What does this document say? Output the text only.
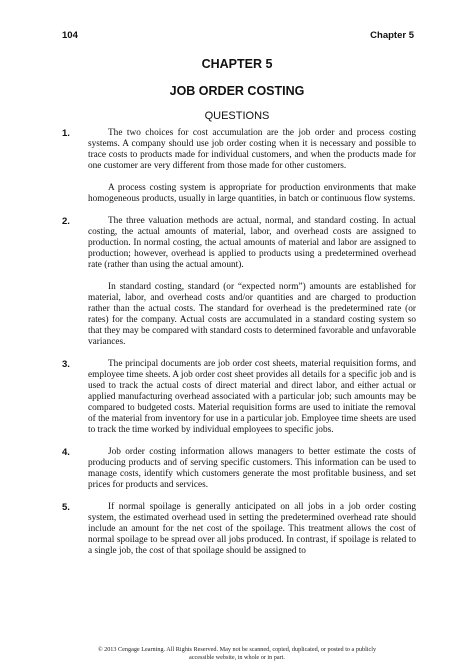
104	Chapter 5
CHAPTER 5
JOB ORDER COSTING
QUESTIONS
1.	The two choices for cost accumulation are the job order and process costing systems. A company should use job order costing when it is necessary and possible to trace costs to products made for individual customers, and when the products made for one customer are very different from those made for other customers.

A process costing system is appropriate for production environments that make homogeneous products, usually in large quantities, in batch or continuous flow systems.

2.	The three valuation methods are actual, normal, and standard costing. In actual costing, the actual amounts of material, labor, and overhead costs are assigned to production. In normal costing, the actual amounts of material and labor are assigned to production; however, overhead is applied to products using a predetermined overhead rate (rather than using the actual amount).

In standard costing, standard (or “expected norm”) amounts are established for material, labor, and overhead costs and/or quantities and are charged to production rather than the actual costs. The standard for overhead is the predetermined rate (or rates) for the company. Actual costs are accumulated in a standard costing system so that they may be compared with standard costs to determined favorable and unfavorable variances.

3.	The principal documents are job order cost sheets, material requisition forms, and employee time sheets. A job order cost sheet provides all details for a specific job and is used to track the actual costs of direct material and direct labor, and either actual or applied manufacturing overhead associated with a particular job; such amounts may be compared to budgeted costs. Material requisition forms are used to initiate the removal of the material from inventory for use in a particular job. Employee time sheets are used to track the time worked by individual employees to specific jobs.

4.	Job order costing information allows managers to better estimate the costs of producing products and of serving specific customers. This information can be used to manage costs, identify which customers generate the most profitable business, and set prices for products and services.

5.	If normal spoilage is generally anticipated on all jobs in a job order costing system, the estimated overhead used in setting the predetermined overhead rate should include an amount for the net cost of the spoilage. This treatment allows the cost of normal spoilage to be spread over all jobs produced. In contrast, if spoilage is related to a single job, the cost of that spoilage should be assigned to

© 2013 Cengage Learning. All Rights Reserved. May not be scanned, copied, duplicated, or posted to a publicly
accessible website, in whole or in part.
